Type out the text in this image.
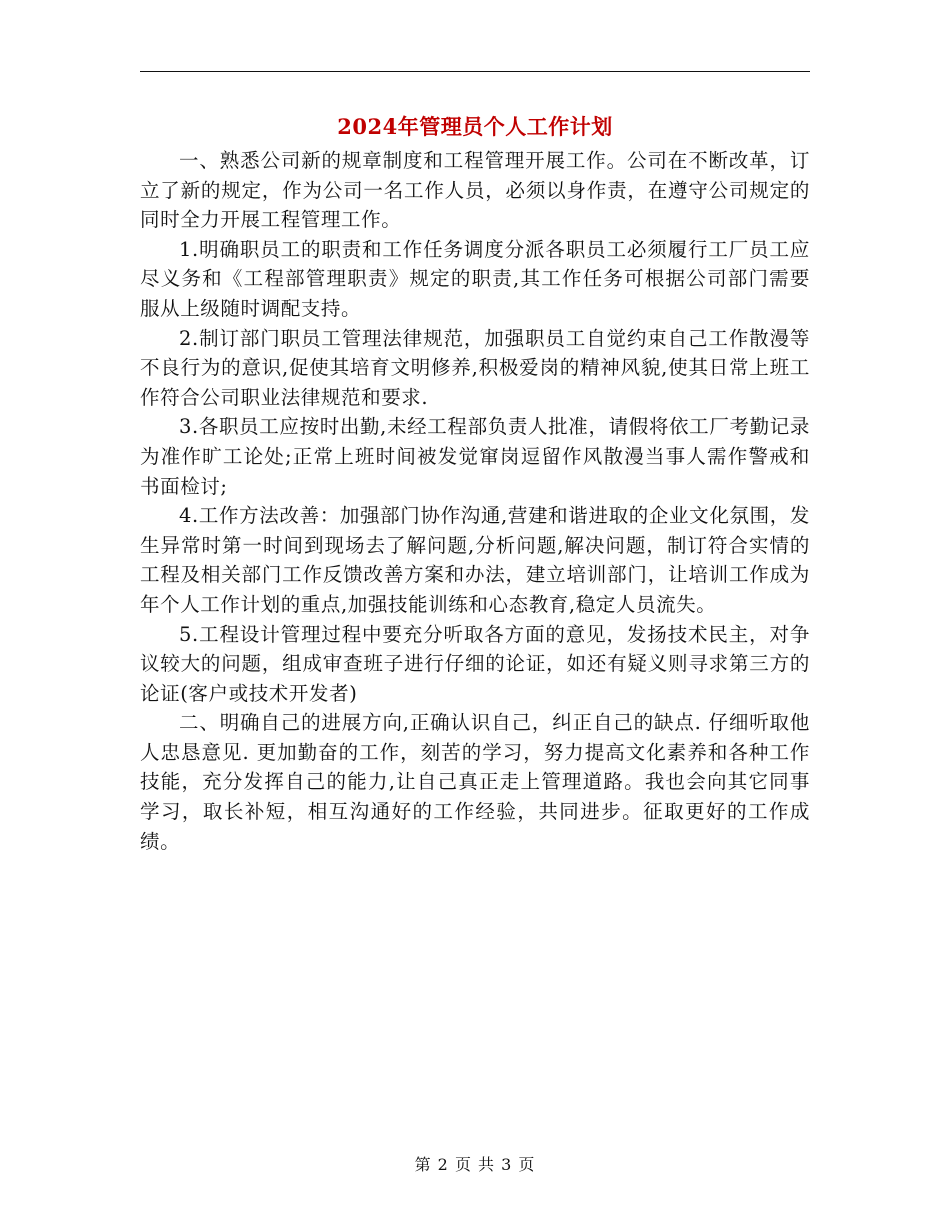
2024年管理员个人工作计划

一、熟悉公司新的规章制度和工程管理开展工作。公司在不断改革，订立了新的规定，作为公司一名工作人员，必须以身作责，在遵守公司规定的同时全力开展工程管理工作。

1.明确职员工的职责和工作任务调度分派各职员工必须履行工厂员工应尽义务和《工程部管理职责》规定的职责,其工作任务可根据公司部门需要服从上级随时调配支持。

2.制订部门职员工管理法律规范，加强职员工自觉约束自己工作散漫等不良行为的意识,促使其培育文明修养,积极爱岗的精神风貌,使其日常上班工作符合公司职业法律规范和要求.

3.各职员工应按时出勤,未经工程部负责人批准，请假将依工厂考勤记录为准作旷工论处;正常上班时间被发觉窜岗逗留作风散漫当事人需作警戒和书面检讨;

4.工作方法改善：加强部门协作沟通,营建和谐进取的企业文化氛围，发生异常时第一时间到现场去了解问题,分析问题,解决问题，制订符合实情的工程及相关部门工作反馈改善方案和办法，建立培训部门，让培训工作成为年个人工作计划的重点,加强技能训练和心态教育,稳定人员流失。

5.工程设计管理过程中要充分听取各方面的意见，发扬技术民主，对争议较大的问题，组成审查班子进行仔细的论证，如还有疑义则寻求第三方的论证(客户或技术开发者)

二、明确自己的进展方向,正确认识自己，纠正自己的缺点. 仔细听取他人忠恳意见. 更加勤奋的工作，刻苦的学习，努力提高文化素养和各种工作技能，充分发挥自己的能力,让自己真正走上管理道路。我也会向其它同事学习，取长补短，相互沟通好的工作经验，共同进步。征取更好的工作成绩。

第 2 页 共 3 页
